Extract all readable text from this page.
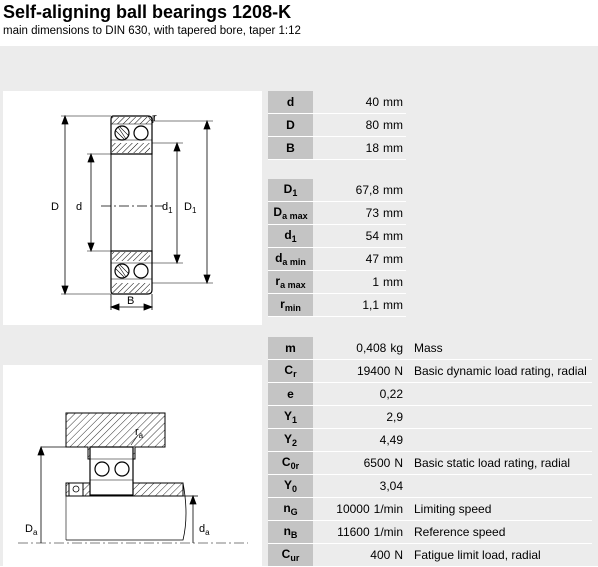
Self-aligning ball bearings 1208-K
main dimensions to DIN 630, with tapered bore, taper 1:12
D d	$d_1$ $D_1$
B
r
$D_a$	$d_a$
$r_a$
d	40 mm
D	80 mm
B	18 mm
$D_1$	67,8 mm
$D_{a max}$	73 mm
$d_1$	54 mm
$d_{a min}$	47 mm
$r_{a max}$	1 mm
$r_{min}$	1,1 mm
m	0,408 kg	Mass
$C_r$	19400 N	Basic dynamic load rating, radial
e	0,22	
$Y_1$	2,9	
$Y_2$	4,49	
$C_{0r}$	6500 N	Basic static load rating, radial
$Y_0$	3,04	
$n_G$	10000 1/min	Limiting speed
$n_B$	11600 1/min	Reference speed
$C_{ur}$	400 N	Fatigue limit load, radial
